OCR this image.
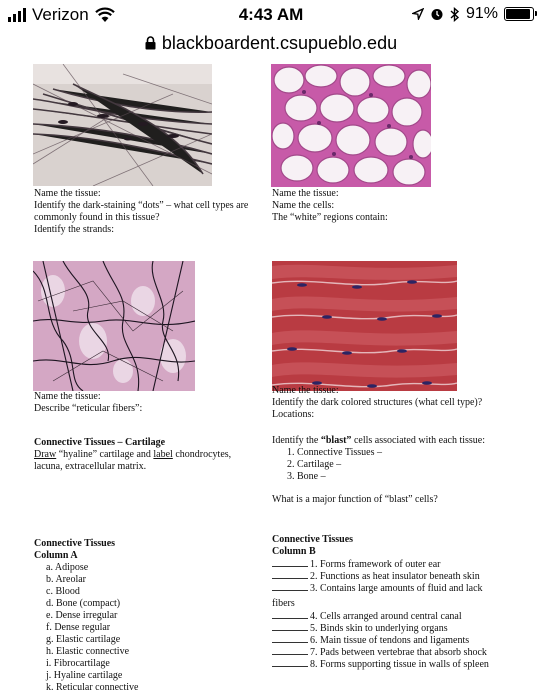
Verizon	4:43 AM	91%
blackboardent.csupueblo.edu
Name the tissue:
Identify the dark-staining “dots” – what cell types are
commonly found in this tissue?
Identify the strands:
Name the tissue:
Name the cells:
The “white” regions contain:
Name the tissue:
Describe “reticular fibers”:
Name the tissue:
Identify the dark colored structures (what cell type)?
Locations:
Connective Tissues – Cartilage
Draw “hyaline” cartilage and label chondrocytes,
lacuna, extracellular matrix.
Identify the “blast” cells associated with each tissue:
1. Connective Tissues –
2. Cartilage –
3. Bone –
What is a major function of “blast” cells?
Connective Tissues
Column A
a. Adipose
b. Areolar
c. Blood
d. Bone (compact)
e. Dense irregular
f. Dense regular
g. Elastic cartilage
h. Elastic connective
i. Fibrocartilage
j. Hyaline cartilage
k. Reticular connective
Connective Tissues
Column B
1. Forms framework of outer ear
2. Functions as heat insulator beneath skin
3. Contains large amounts of fluid and lack
fibers
4. Cells arranged around central canal
5. Binds skin to underlying organs
6. Main tissue of tendons and ligaments
7. Pads between vertebrae that absorb shock
8. Forms supporting tissue in walls of spleen
